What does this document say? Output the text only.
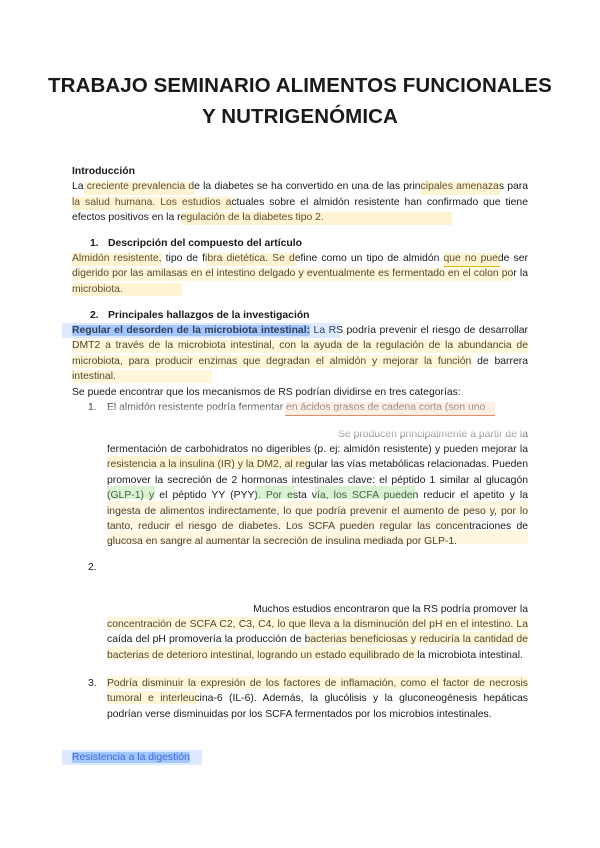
TRABAJO SEMINARIO ALIMENTOS FUNCIONALES Y NUTRIGENÓMICA

Introducción

La creciente prevalencia de la diabetes se ha convertido en una de las principales amenazas para la salud humana. Los estudios actuales sobre el almidón resistente han confirmado que tiene efectos positivos en la regulación de la diabetes tipo 2.

1. Descripción del compuesto del artículo

Almidón resistente, tipo de fibra dietética. Se define como un tipo de almidón que no puede ser digerido por las amilasas en el intestino delgado y eventualmente es fermentado en el colon por la microbiota.

2. Principales hallazgos de la investigación

Regular el desorden de la microbiota intestinal: La RS podría prevenir el riesgo de desarrollar DMT2 a través de la microbiota intestinal, con la ayuda de la regulación de la abundancia de microbiota, para producir enzimas que degradan el almidón y mejorar la función de barrera intestinal.

Se puede encontrar que los mecanismos de RS podrían dividirse en tres categorías:

1. El almidón resistente podría fermentar en ácidos grasos de cadena corta (son uno
Se producen principalmente a partir de la

fermentación de carbohidratos no digeribles (p. ej: almidón resistente) y pueden mejorar la resistencia a la insulina (IR) y la DM2, al regular las vías metabólicas relacionadas. Pueden promover la secreción de 2 hormonas intestinales clave: el péptido 1 similar al glucagón (GLP-1) y el péptido YY (PYY). Por esta vía, los SCFA pueden reducir el apetito y la ingesta de alimentos indirectamente, lo que podría prevenir el aumento de peso y, por lo tanto, reducir el riesgo de diabetes. Los SCFA pueden regular las concentraciones de glucosa en sangre al aumentar la secreción de insulina mediada por GLP-1.

2.
Muchos estudios encontraron que la RS podría promover la

concentración de SCFA C2, C3, C4, lo que lleva a la disminución del pH en el intestino. La caída del pH promovería la producción de bacterias beneficiosas y reduciría la cantidad de bacterias de deterioro intestinal, logrando un estado equilibrado de la microbiota intestinal.

3. Podría disminuir la expresión de los factores de inflamación, como el factor de necrosis tumoral e interleucina-6 (IL-6). Además, la glucólisis y la gluconeogénesis hepáticas podrían verse disminuidas por los SCFA fermentados por los microbios intestinales.

Resistencia a la digestión
